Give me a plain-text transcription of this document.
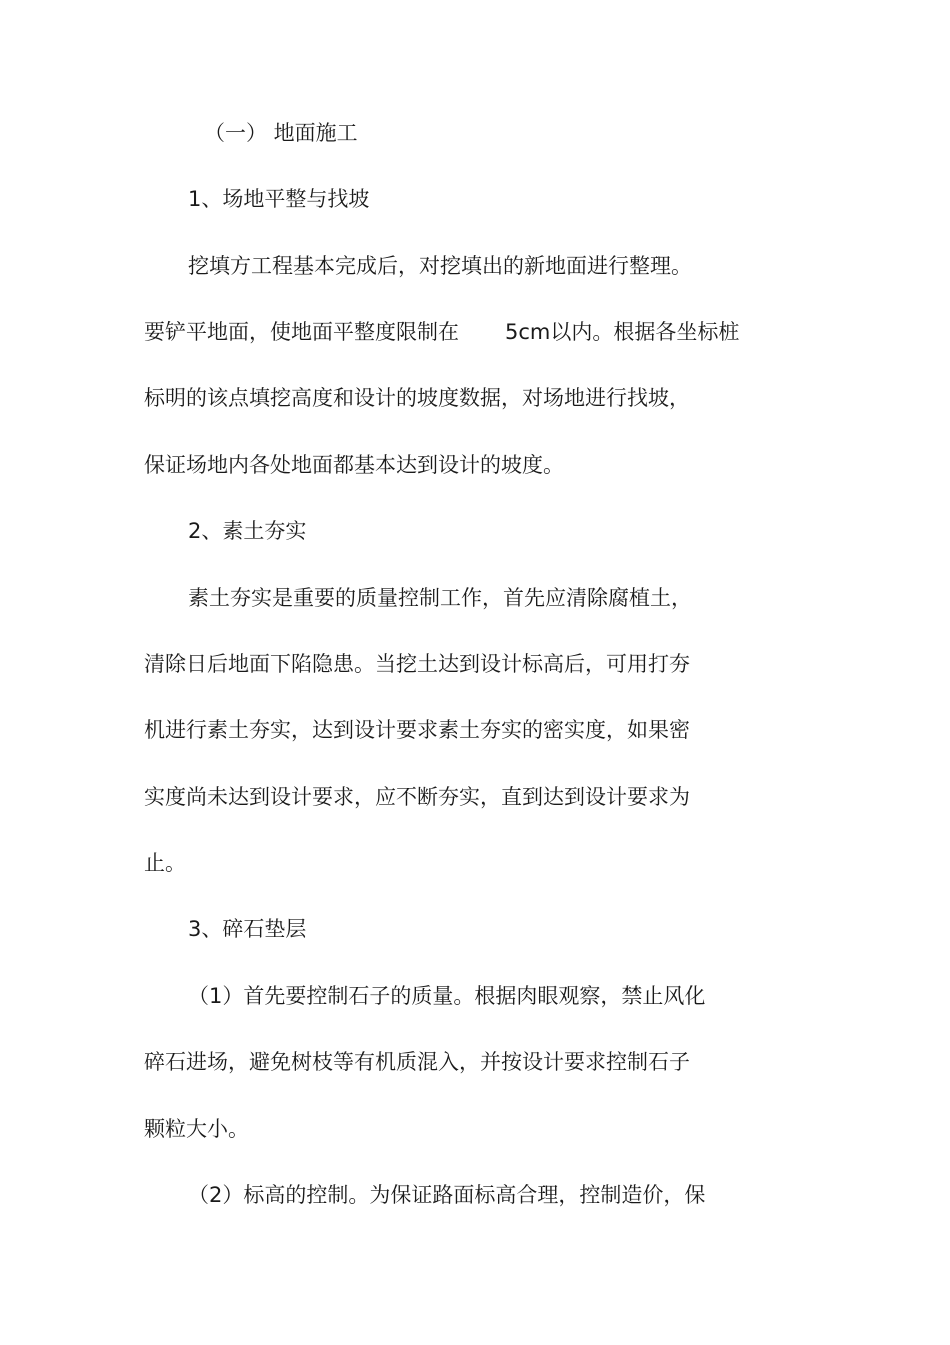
（一） 地面施工
1、场地平整与找坡
挖填方工程基本完成后，对挖填出的新地面进行整理。
要铲平地面，使地面平整度限制在 5cm以内。根据各坐标桩
标明的该点填挖高度和设计的坡度数据，对场地进行找坡，
保证场地内各处地面都基本达到设计的坡度。
2、素土夯实
素土夯实是重要的质量控制工作，首先应清除腐植土，
清除日后地面下陷隐患。当挖土达到设计标高后，可用打夯
机进行素土夯实，达到设计要求素土夯实的密实度，如果密
实度尚未达到设计要求，应不断夯实，直到达到设计要求为
止。
3、碎石垫层
（1）首先要控制石子的质量。根据肉眼观察，禁止风化
碎石进场，避免树枝等有机质混入，并按设计要求控制石子
颗粒大小。
（2）标高的控制。为保证路面标高合理，控制造价，保
